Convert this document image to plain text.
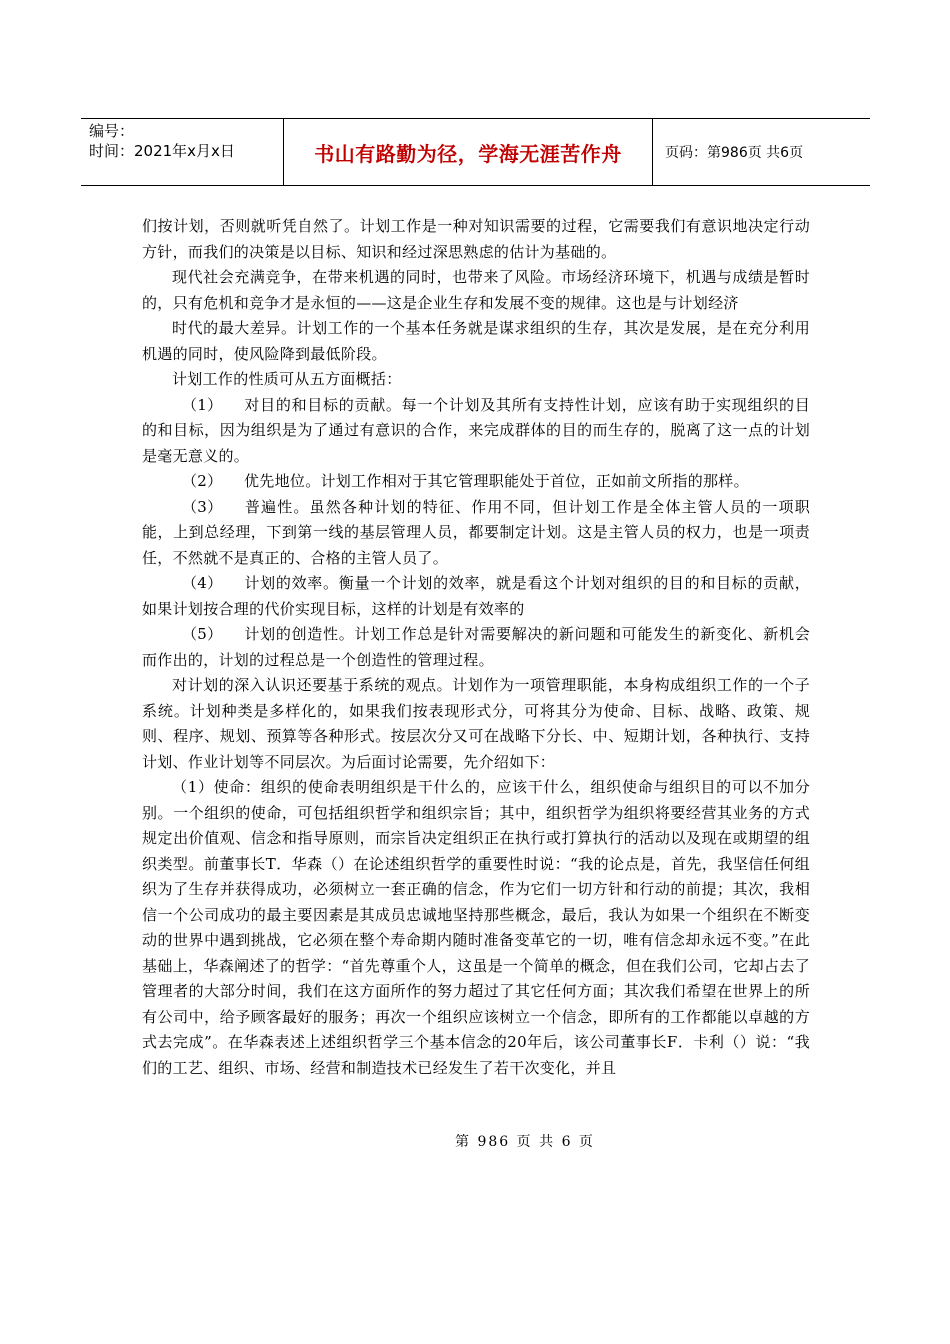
编号：
时间：2021年x月x日	书山有路勤为径，学海无涯苦作舟	页码：第986页 共6页

们按计划，否则就听凭自然了。计划工作是一种对知识需要的过程，它需要我们有意识地决定行动方针，而我们的决策是以目标、知识和经过深思熟虑的估计为基础的。

现代社会充满竞争，在带来机遇的同时，也带来了风险。市场经济环境下，机遇与成绩是暂时的，只有危机和竞争才是永恒的——这是企业生存和发展不变的规律。这也是与计划经济

时代的最大差异。计划工作的一个基本任务就是谋求组织的生存，其次是发展，是在充分利用机遇的同时，使风险降到最低阶段。

计划工作的性质可从五方面概括：

（1） 对目的和目标的贡献。每一个计划及其所有支持性计划，应该有助于实现组织的目的和目标，因为组织是为了通过有意识的合作，来完成群体的目的而生存的，脱离了这一点的计划是毫无意义的。

（2） 优先地位。计划工作相对于其它管理职能处于首位，正如前文所指的那样。

（3） 普遍性。虽然各种计划的特征、作用不同，但计划工作是全体主管人员的一项职能，上到总经理，下到第一线的基层管理人员，都要制定计划。这是主管人员的权力，也是一项责任，不然就不是真正的、合格的主管人员了。

（4） 计划的效率。衡量一个计划的效率，就是看这个计划对组织的目的和目标的贡献，如果计划按合理的代价实现目标，这样的计划是有效率的

（5） 计划的创造性。计划工作总是针对需要解决的新问题和可能发生的新变化、新机会而作出的，计划的过程总是一个创造性的管理过程。

对计划的深入认识还要基于系统的观点。计划作为一项管理职能，本身构成组织工作的一个子系统。计划种类是多样化的，如果我们按表现形式分，可将其分为使命、目标、战略、政策、规则、程序、规划、预算等各种形式。按层次分又可在战略下分长、中、短期计划，各种执行、支持计划、作业计划等不同层次。为后面讨论需要，先介绍如下：

（1）使命：组织的使命表明组织是干什么的，应该干什么，组织使命与组织目的可以不加分别。一个组织的使命，可包括组织哲学和组织宗旨；其中，组织哲学为组织将要经营其业务的方式规定出价值观、信念和指导原则，而宗旨决定组织正在执行或打算执行的活动以及现在或期望的组织类型。前董事长T．华森（）在论述组织哲学的重要性时说：“我的论点是，首先，我坚信任何组织为了生存并获得成功，必须树立一套正确的信念，作为它们一切方针和行动的前提；其次，我相信一个公司成功的最主要因素是其成员忠诚地坚持那些概念，最后，我认为如果一个组织在不断变动的世界中遇到挑战，它必须在整个寿命期内随时准备变革它的一切，唯有信念却永远不变。”在此基础上，华森阐述了的哲学：“首先尊重个人，这虽是一个简单的概念，但在我们公司，它却占去了管理者的大部分时间，我们在这方面所作的努力超过了其它任何方面；其次我们希望在世界上的所有公司中，给予顾客最好的服务；再次一个组织应该树立一个信念，即所有的工作都能以卓越的方式去完成”。在华森表述上述组织哲学三个基本信念的20年后，该公司董事长F．卡利（）说：“我们的工艺、组织、市场、经营和制造技术已经发生了若干次变化，并且

第 986 页 共 6 页
